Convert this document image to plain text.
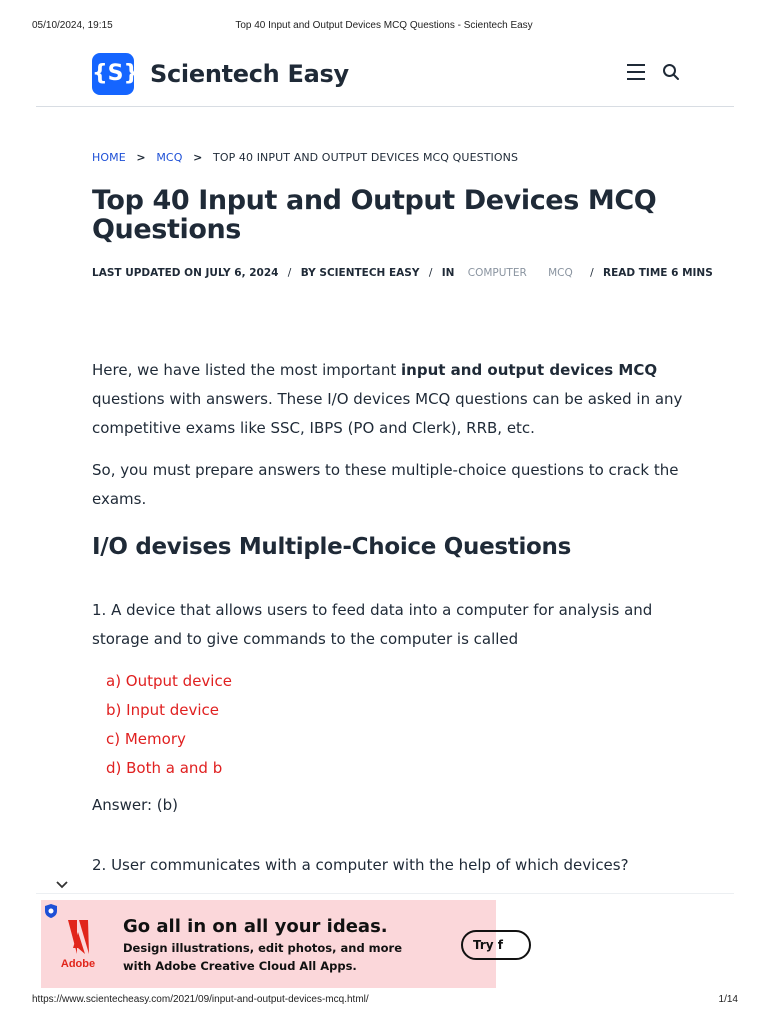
05/10/2024, 19:15	Top 40 Input and Output Devices MCQ Questions - Scientech Easy
{S} Scientech Easy
HOME > MCQ > TOP 40 INPUT AND OUTPUT DEVICES MCQ QUESTIONS
Top 40 Input and Output Devices MCQ Questions
LAST UPDATED ON JULY 6, 2024 / BY SCIENTECH EASY / IN COMPUTER MCQ / READ TIME 6 MINS

Here, we have listed the most important input and output devices MCQ questions with answers. These I/O devices MCQ questions can be asked in any competitive exams like SSC, IBPS (PO and Clerk), RRB, etc.

So, you must prepare answers to these multiple-choice questions to crack the exams.

I/O devises Multiple-Choice Questions
1. A device that allows users to feed data into a computer for analysis and storage and to give commands to the computer is called
a) Output device
b) Input device
c) Memory
d) Both a and b
Answer: (b)
2. User communicates with a computer with the help of which devices?
Adobe
Go all in on all your ideas.
Design illustrations, edit photos, and more
with Adobe Creative Cloud All Apps.
Try f
https://www.scientecheasy.com/2021/09/input-and-output-devices-mcq.html/	1/14
